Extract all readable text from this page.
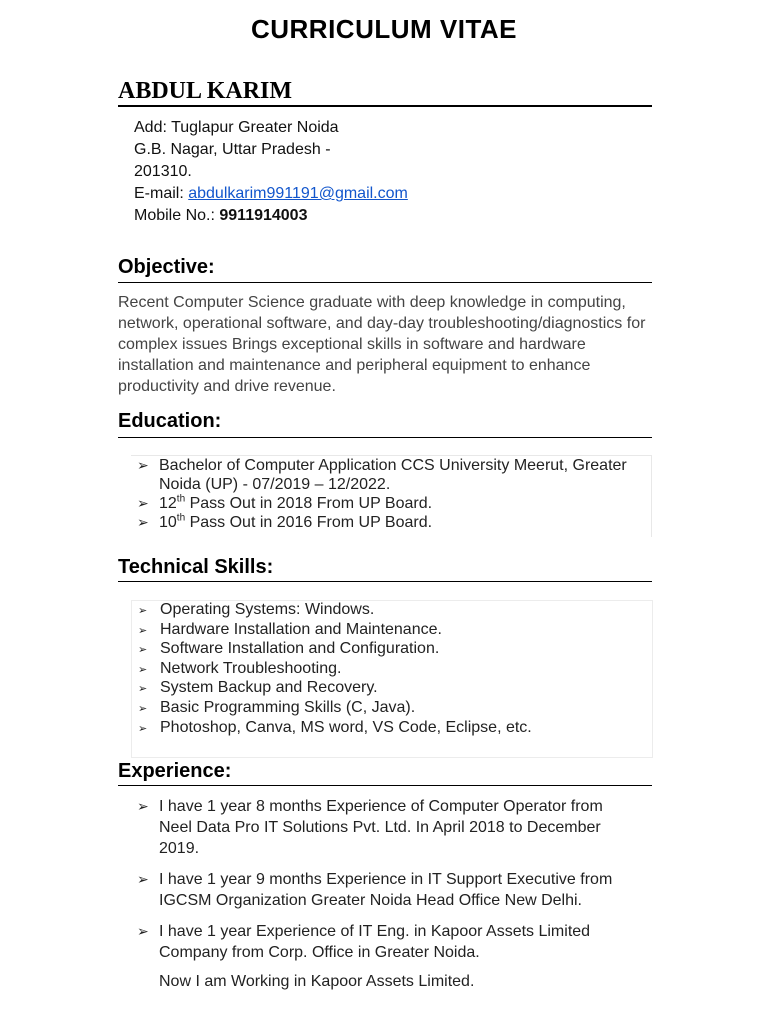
CURRICULUM VITAE
ABDUL KARIM
Add: Tuglapur Greater Noida
G.B. Nagar, Uttar Pradesh -
201310.
E-mail: abdulkarim991191@gmail.com
Mobile No.: 9911914003
Objective:
Recent Computer Science graduate with deep knowledge in computing, network, operational software, and day-day troubleshooting/diagnostics for complex issues Brings exceptional skills in software and hardware installation and maintenance and peripheral equipment to enhance productivity and drive revenue.
Education:
➢ Bachelor of Computer Application CCS University Meerut, Greater Noida (UP) - 07/2019 – 12/2022.
➢ 12th Pass Out in 2018 From UP Board.
➢ 10th Pass Out in 2016 From UP Board.
Technical Skills:
➢ Operating Systems: Windows.
➢ Hardware Installation and Maintenance.
➢ Software Installation and Configuration.
➢ Network Troubleshooting.
➢ System Backup and Recovery.
➢ Basic Programming Skills (C, Java).
➢ Photoshop, Canva, MS word, VS Code, Eclipse, etc.
Experience:
➢ I have 1 year 8 months Experience of Computer Operator from Neel Data Pro IT Solutions Pvt. Ltd. In April 2018 to December 2019.
➢ I have 1 year 9 months Experience in IT Support Executive from IGCSM Organization Greater Noida Head Office New Delhi.
➢ I have 1 year Experience of IT Eng. in Kapoor Assets Limited Company from Corp. Office in Greater Noida.
Now I am Working in Kapoor Assets Limited.
